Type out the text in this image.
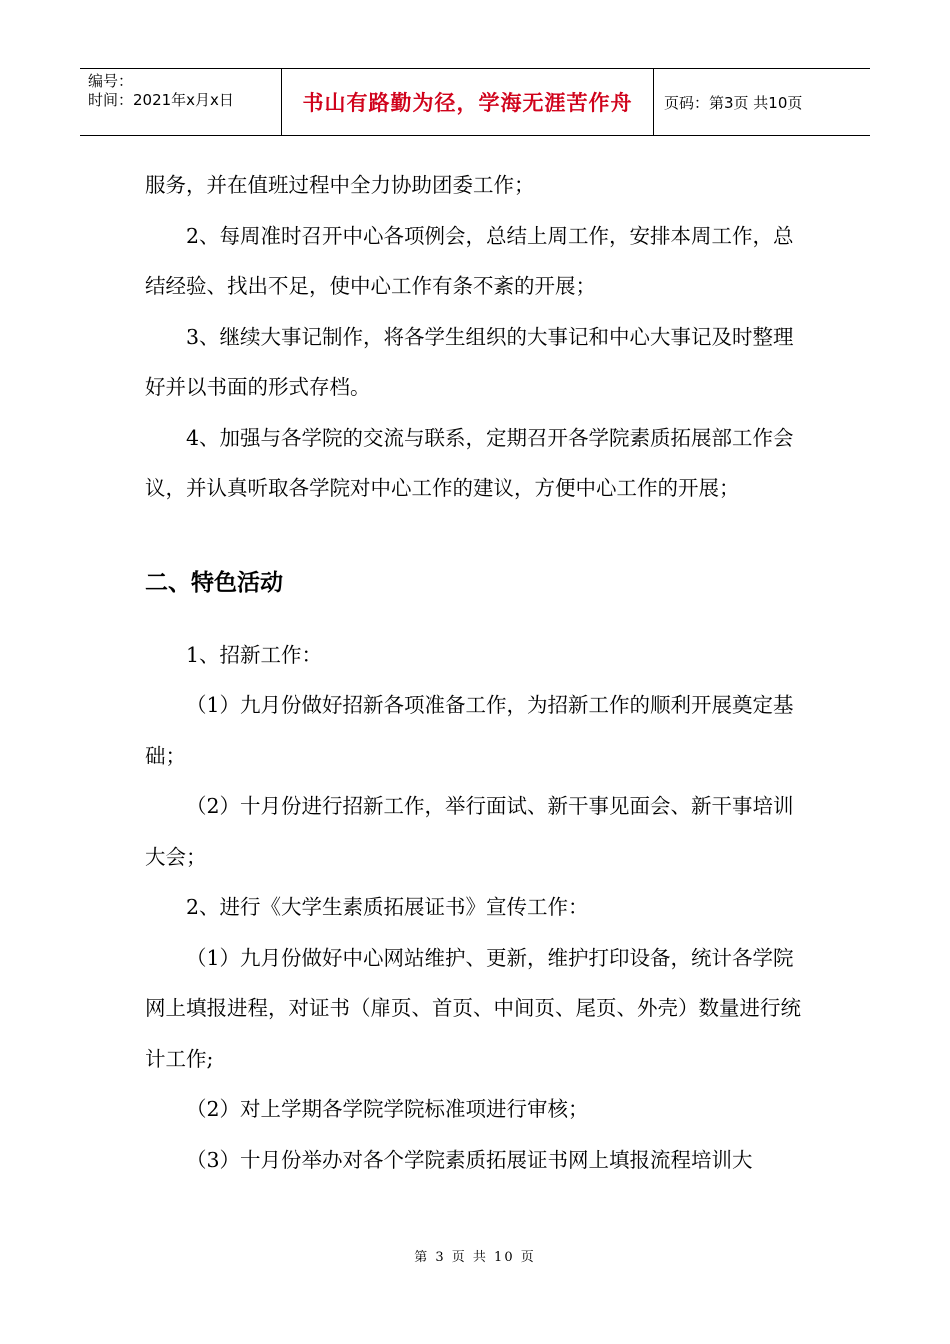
编号：
时间：2021年x月x日	书山有路勤为径，学海无涯苦作舟	页码：第3页 共10页

服务，并在值班过程中全力协助团委工作；

2、每周准时召开中心各项例会，总结上周工作，安排本周工作，总结经验、找出不足，使中心工作有条不紊的开展；

3、继续大事记制作，将各学生组织的大事记和中心大事记及时整理好并以书面的形式存档。

4、加强与各学院的交流与联系，定期召开各学院素质拓展部工作会议，并认真听取各学院对中心工作的建议，方便中心工作的开展；

二、特色活动

1、招新工作：

（1）九月份做好招新各项准备工作，为招新工作的顺利开展奠定基础；

（2）十月份进行招新工作，举行面试、新干事见面会、新干事培训大会；

2、进行《大学生素质拓展证书》宣传工作：

（1）九月份做好中心网站维护、更新，维护打印设备，统计各学院网上填报进程，对证书（扉页、首页、中间页、尾页、外壳）数量进行统计工作;

（2）对上学期各学院学院标准项进行审核；

（3）十月份举办对各个学院素质拓展证书网上填报流程培训大

第 3 页 共 10 页
